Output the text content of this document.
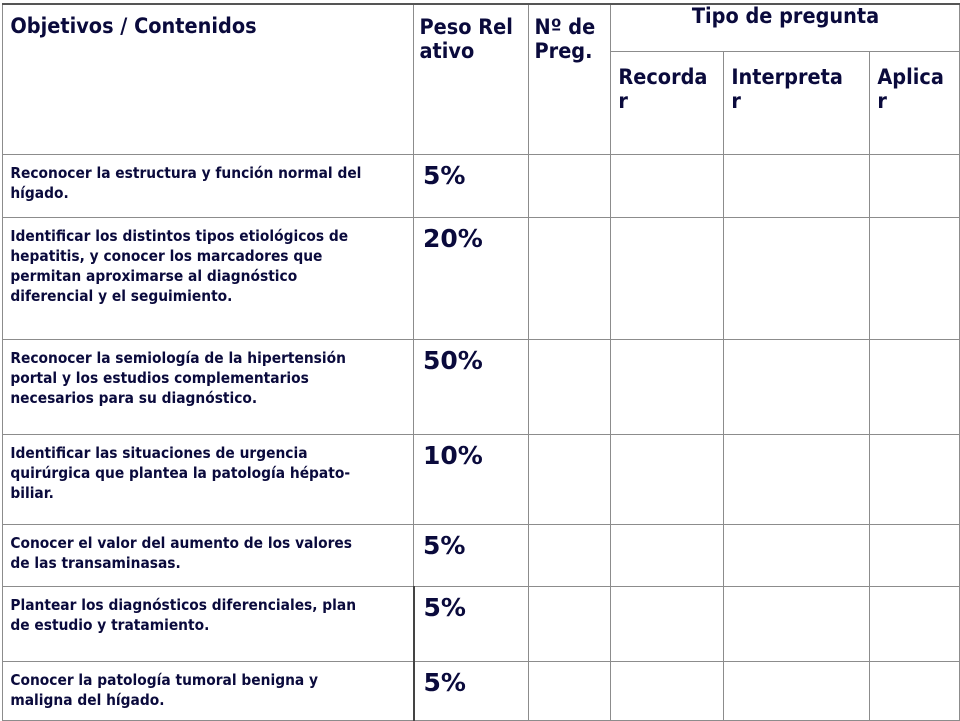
Objetivos / Contenidos	Peso Relativo	Nº de Preg.	Tipo de pregunta		

			Recordar	Interpretar	Aplicar

Reconocer la estructura y función normal del hígado.	5%				

Identificar los distintos tipos etiológicos de hepatitis, y conocer los marcadores que permitan aproximarse al diagnóstico diferencial y el seguimiento.	20%				

Reconocer la semiología de la hipertensión portal y los estudios complementarios necesarios para su diagnóstico.	50%				

Identificar las situaciones de urgencia quirúrgica que plantea la patología hépato-biliar.	10%				

Conocer el valor del aumento de los valores de las transaminasas.	5%				

Plantear los diagnósticos diferenciales, plan de estudio y tratamiento.	5%				

Conocer la patología tumoral benigna y maligna del hígado.	5%				
